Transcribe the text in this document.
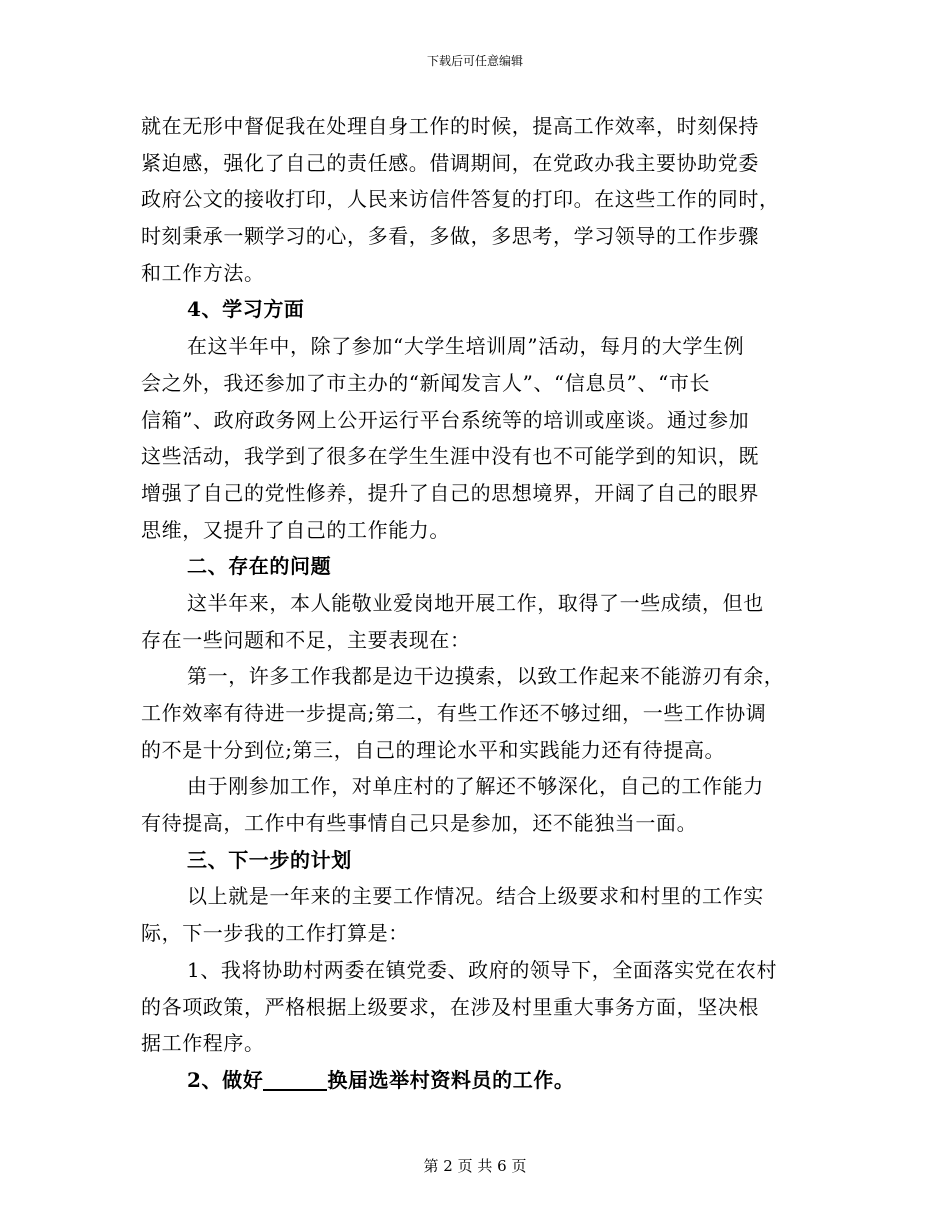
下载后可任意编辑
就在无形中督促我在处理自身工作的时候，提高工作效率，时刻保持
紧迫感，强化了自己的责任感。借调期间，在党政办我主要协助党委
政府公文的接收打印，人民来访信件答复的打印。在这些工作的同时，
时刻秉承一颗学习的心，多看，多做，多思考，学习领导的工作步骤
和工作方法。
4、学习方面
在这半年中，除了参加“大学生培训周”活动，每月的大学生例
会之外，我还参加了市主办的“新闻发言人”、“信息员”、“市长
信箱”、政府政务网上公开运行平台系统等的培训或座谈。通过参加
这些活动，我学到了很多在学生生涯中没有也不可能学到的知识，既
增强了自己的党性修养，提升了自己的思想境界，开阔了自己的眼界
思维，又提升了自己的工作能力。
二、存在的问题
这半年来，本人能敬业爱岗地开展工作，取得了一些成绩，但也
存在一些问题和不足，主要表现在：
第一，许多工作我都是边干边摸索，以致工作起来不能游刃有余，
工作效率有待进一步提高;第二，有些工作还不够过细，一些工作协调
的不是十分到位;第三，自己的理论水平和实践能力还有待提高。
由于刚参加工作，对单庄村的了解还不够深化，自己的工作能力
有待提高，工作中有些事情自己只是参加，还不能独当一面。
三、下一步的计划
以上就是一年来的主要工作情况。结合上级要求和村里的工作实
际，下一步我的工作打算是：
1、我将协助村两委在镇党委、政府的领导下，全面落实党在农村
的各项政策，严格根据上级要求，在涉及村里重大事务方面，坚决根
据工作程序。
2、做好	换届选举村资料员的工作。
第 2 页 共 6 页
